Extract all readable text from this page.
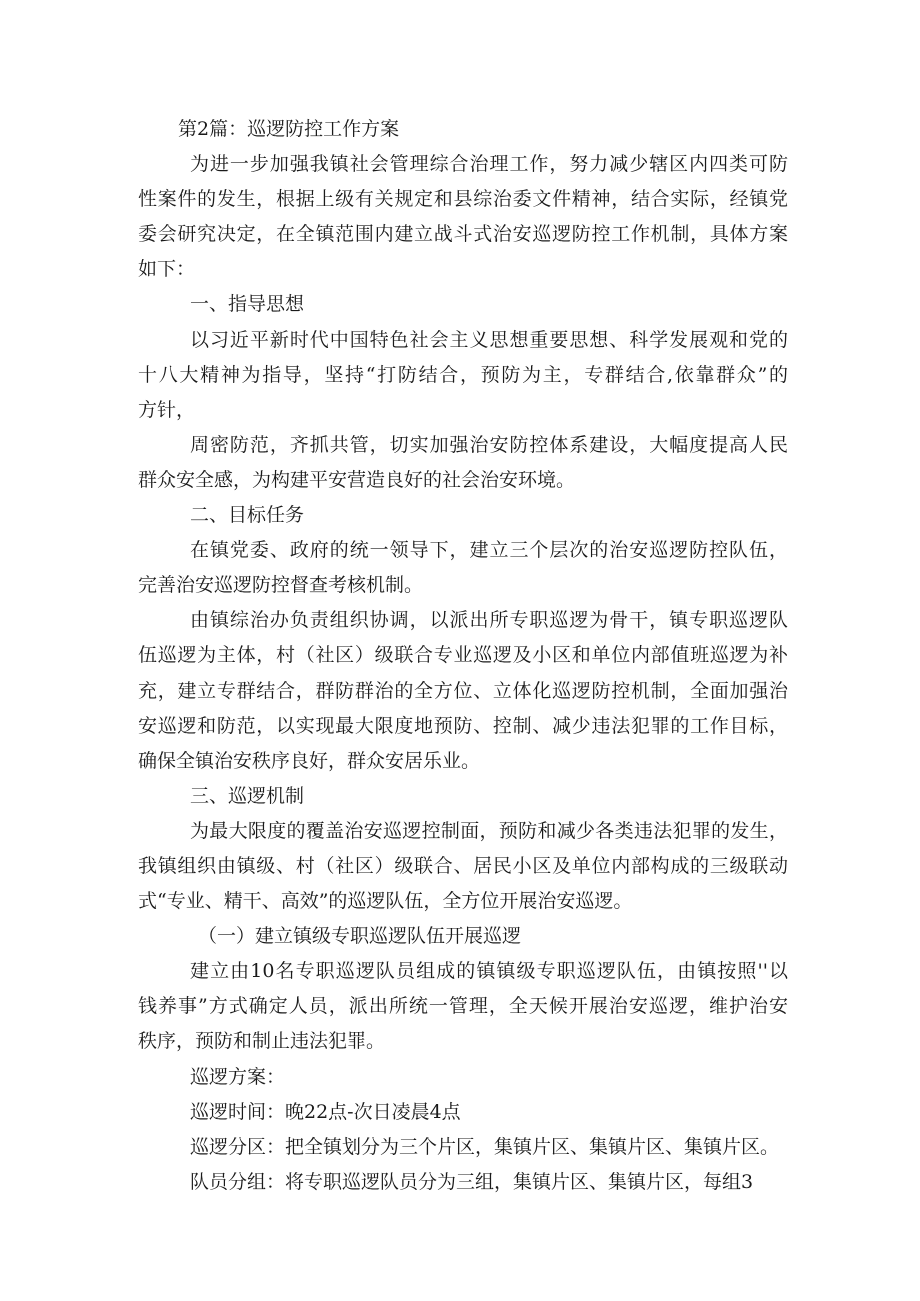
第2篇：巡逻防控工作方案
为进一步加强我镇社会管理综合治理工作，努力减少辖区内四类可防
性案件的发生，根据上级有关规定和县综治委文件精神，结合实际，经镇党
委会研究决定，在全镇范围内建立战斗式治安巡逻防控工作机制，具体方案
如下：
一、指导思想
以习近平新时代中国特色社会主义思想重要思想、科学发展观和党的
十八大精神为指导，坚持“打防结合，预防为主，专群结合,依靠群众”的
方针，
周密防范，齐抓共管，切实加强治安防控体系建设，大幅度提高人民
群众安全感，为构建平安营造良好的社会治安环境。
二、目标任务
在镇党委、政府的统一领导下，建立三个层次的治安巡逻防控队伍，
完善治安巡逻防控督查考核机制。
由镇综治办负责组织协调，以派出所专职巡逻为骨干，镇专职巡逻队
伍巡逻为主体，村（社区）级联合专业巡逻及小区和单位内部值班巡逻为补
充，建立专群结合，群防群治的全方位、立体化巡逻防控机制，全面加强治
安巡逻和防范，以实现最大限度地预防、控制、减少违法犯罪的工作目标，
确保全镇治安秩序良好，群众安居乐业。
三、巡逻机制
为最大限度的覆盖治安巡逻控制面，预防和减少各类违法犯罪的发生，
我镇组织由镇级、村（社区）级联合、居民小区及单位内部构成的三级联动
式“专业、精干、高效”的巡逻队伍，全方位开展治安巡逻。
（一）建立镇级专职巡逻队伍开展巡逻
建立由10名专职巡逻队员组成的镇镇级专职巡逻队伍，由镇按照''以
钱养事”方式确定人员，派出所统一管理，全天候开展治安巡逻，维护治安
秩序，预防和制止违法犯罪。
巡逻方案：
巡逻时间：晚22点-次日凌晨4点
巡逻分区：把全镇划分为三个片区，集镇片区、集镇片区、集镇片区。
队员分组：将专职巡逻队员分为三组，集镇片区、集镇片区，每组3
